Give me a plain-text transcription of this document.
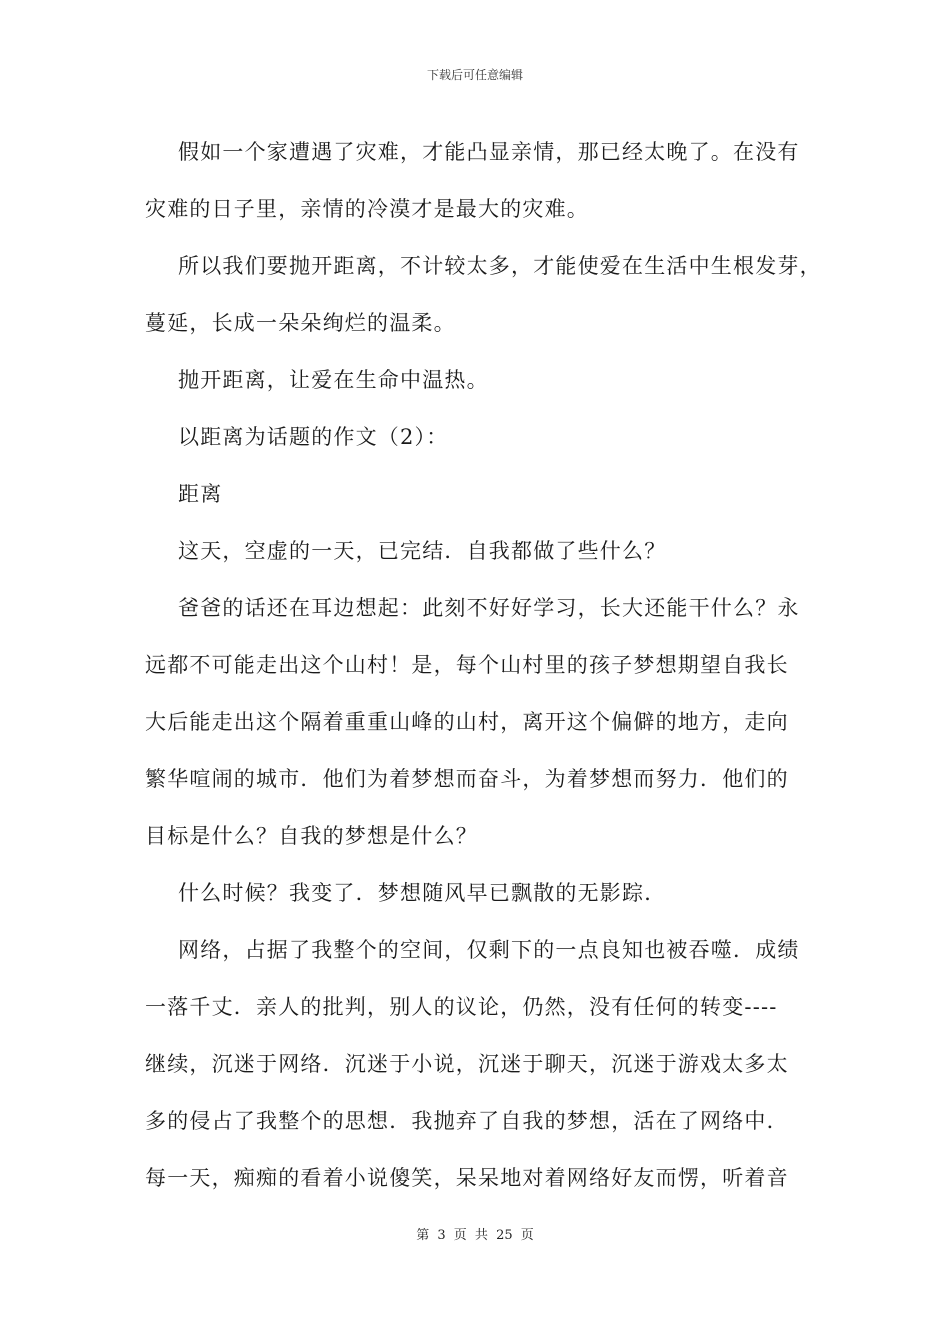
下载后可任意编辑
假如一个家遭遇了灾难，才能凸显亲情，那已经太晚了。在没有
灾难的日子里，亲情的冷漠才是最大的灾难。
所以我们要抛开距离，不计较太多，才能使爱在生活中生根发芽，
蔓延，长成一朵朵绚烂的温柔。
抛开距离，让爱在生命中温热。
以距离为话题的作文（2）：
距离
这天，空虚的一天，已完结．自我都做了些什么？
爸爸的话还在耳边想起：此刻不好好学习，长大还能干什么？永
远都不可能走出这个山村！是，每个山村里的孩子梦想期望自我长
大后能走出这个隔着重重山峰的山村，离开这个偏僻的地方，走向
繁华喧闹的城市．他们为着梦想而奋斗，为着梦想而努力．他们的
目标是什么？自我的梦想是什么？
什么时候？我变了．梦想随风早已飘散的无影踪．
网络，占据了我整个的空间，仅剩下的一点良知也被吞噬．成绩
一落千丈．亲人的批判，别人的议论，仍然，没有任何的转变----
继续，沉迷于网络．沉迷于小说，沉迷于聊天，沉迷于游戏太多太
多的侵占了我整个的思想．我抛弃了自我的梦想，活在了网络中．
每一天，痴痴的看着小说傻笑，呆呆地对着网络好友而愣，听着音
第 3 页 共 25 页
